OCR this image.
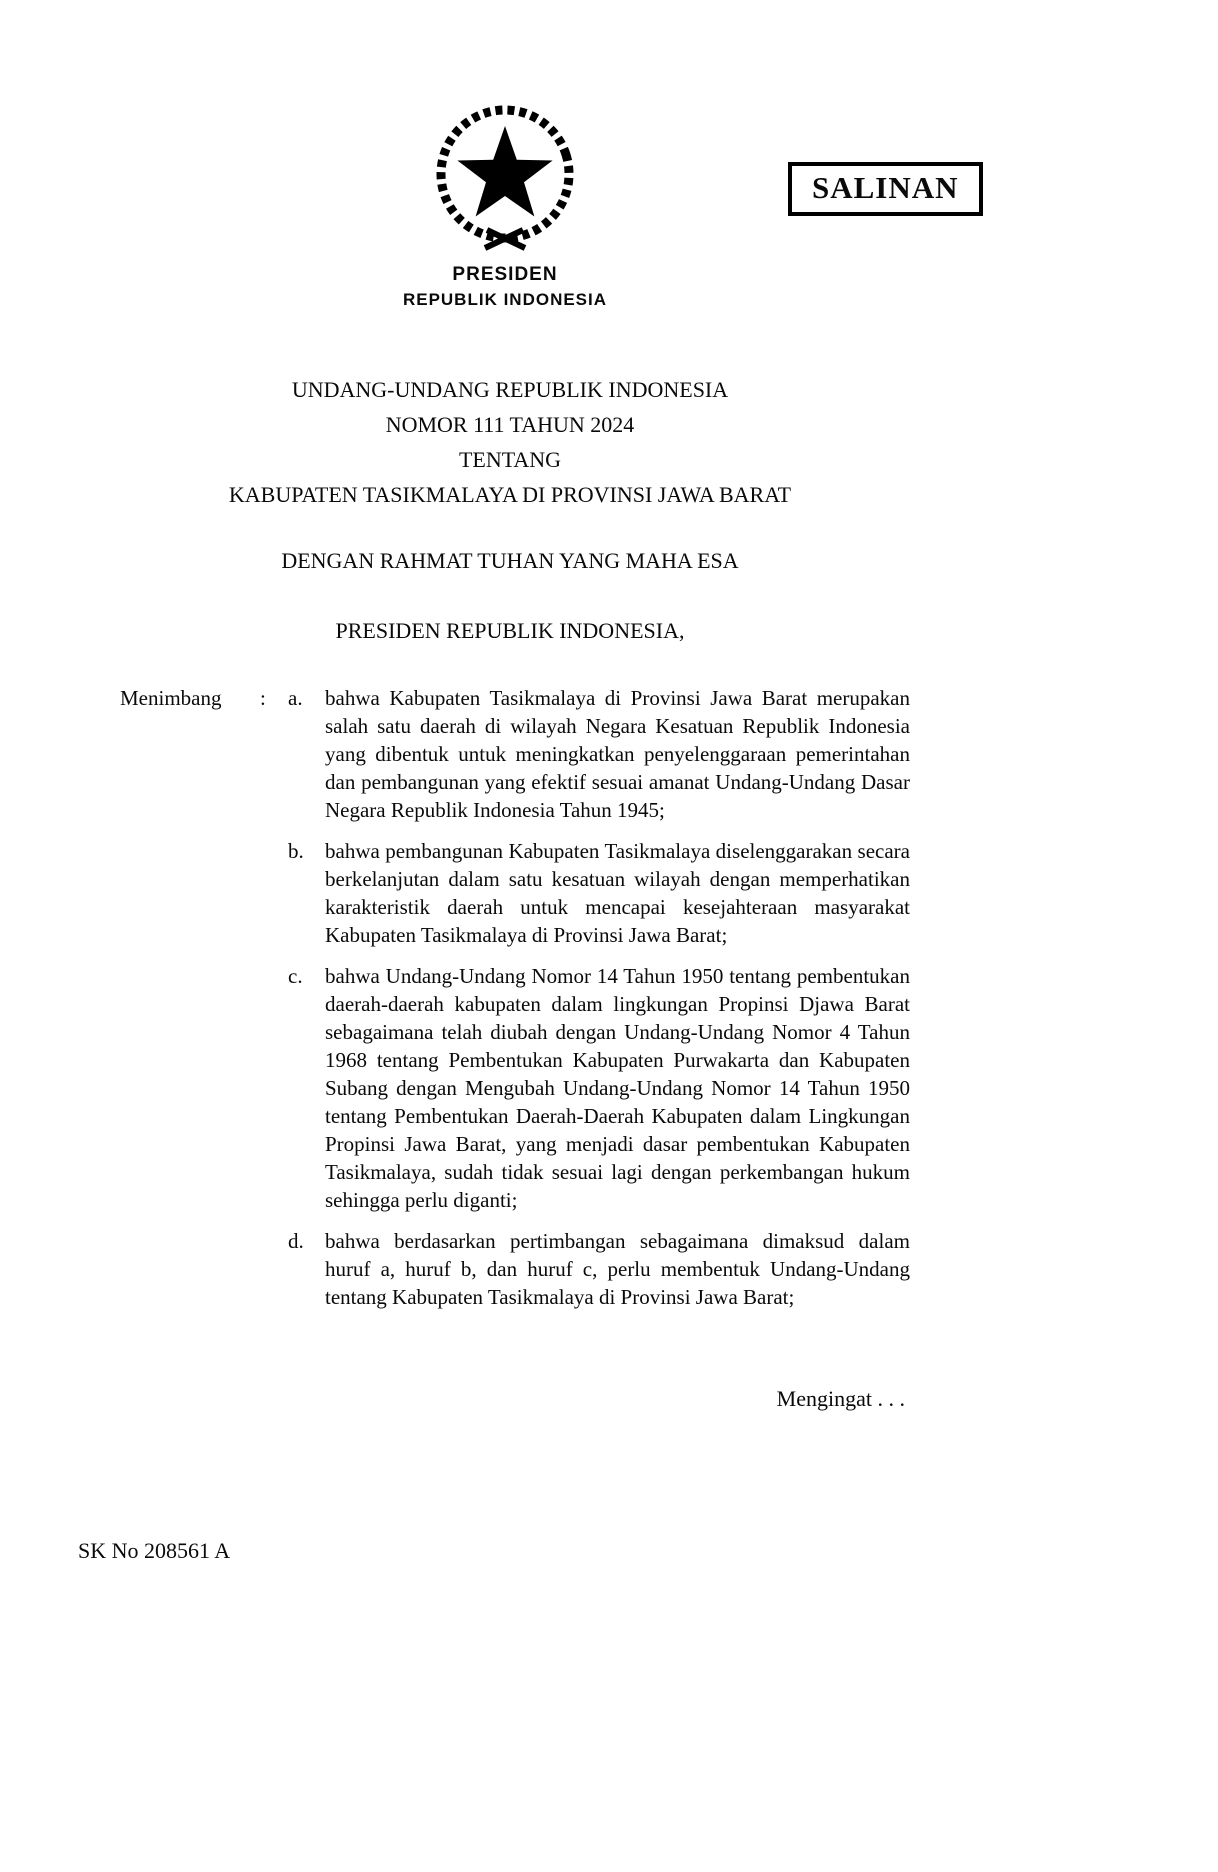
SALINAN
PRESIDEN
REPUBLIK INDONESIA
UNDANG-UNDANG REPUBLIK INDONESIA
NOMOR 111 TAHUN 2024
TENTANG
KABUPATEN TASIKMALAYA DI PROVINSI JAWA BARAT
DENGAN RAHMAT TUHAN YANG MAHA ESA
PRESIDEN REPUBLIK INDONESIA,
Menimbang	:	a.	bahwa Kabupaten Tasikmalaya di Provinsi Jawa Barat merupakan salah satu daerah di wilayah Negara Kesatuan Republik Indonesia yang dibentuk untuk meningkatkan penyelenggaraan pemerintahan dan pembangunan yang efektif sesuai amanat Undang-Undang Dasar Negara Republik Indonesia Tahun 1945;
b.	bahwa pembangunan Kabupaten Tasikmalaya diselenggarakan secara berkelanjutan dalam satu kesatuan wilayah dengan memperhatikan karakteristik daerah untuk mencapai kesejahteraan masyarakat Kabupaten Tasikmalaya di Provinsi Jawa Barat;
c.	bahwa Undang-Undang Nomor 14 Tahun 1950 tentang pembentukan daerah-daerah kabupaten dalam lingkungan Propinsi Djawa Barat sebagaimana telah diubah dengan Undang-Undang Nomor 4 Tahun 1968 tentang Pembentukan Kabupaten Purwakarta dan Kabupaten Subang dengan Mengubah Undang-Undang Nomor 14 Tahun 1950 tentang Pembentukan Daerah-Daerah Kabupaten dalam Lingkungan Propinsi Jawa Barat, yang menjadi dasar pembentukan Kabupaten Tasikmalaya, sudah tidak sesuai lagi dengan perkembangan hukum sehingga perlu diganti;
d.	bahwa berdasarkan pertimbangan sebagaimana dimaksud dalam huruf a, huruf b, dan huruf c, perlu membentuk Undang-Undang tentang Kabupaten Tasikmalaya di Provinsi Jawa Barat;
Mengingat . . .
SK No 208561 A
